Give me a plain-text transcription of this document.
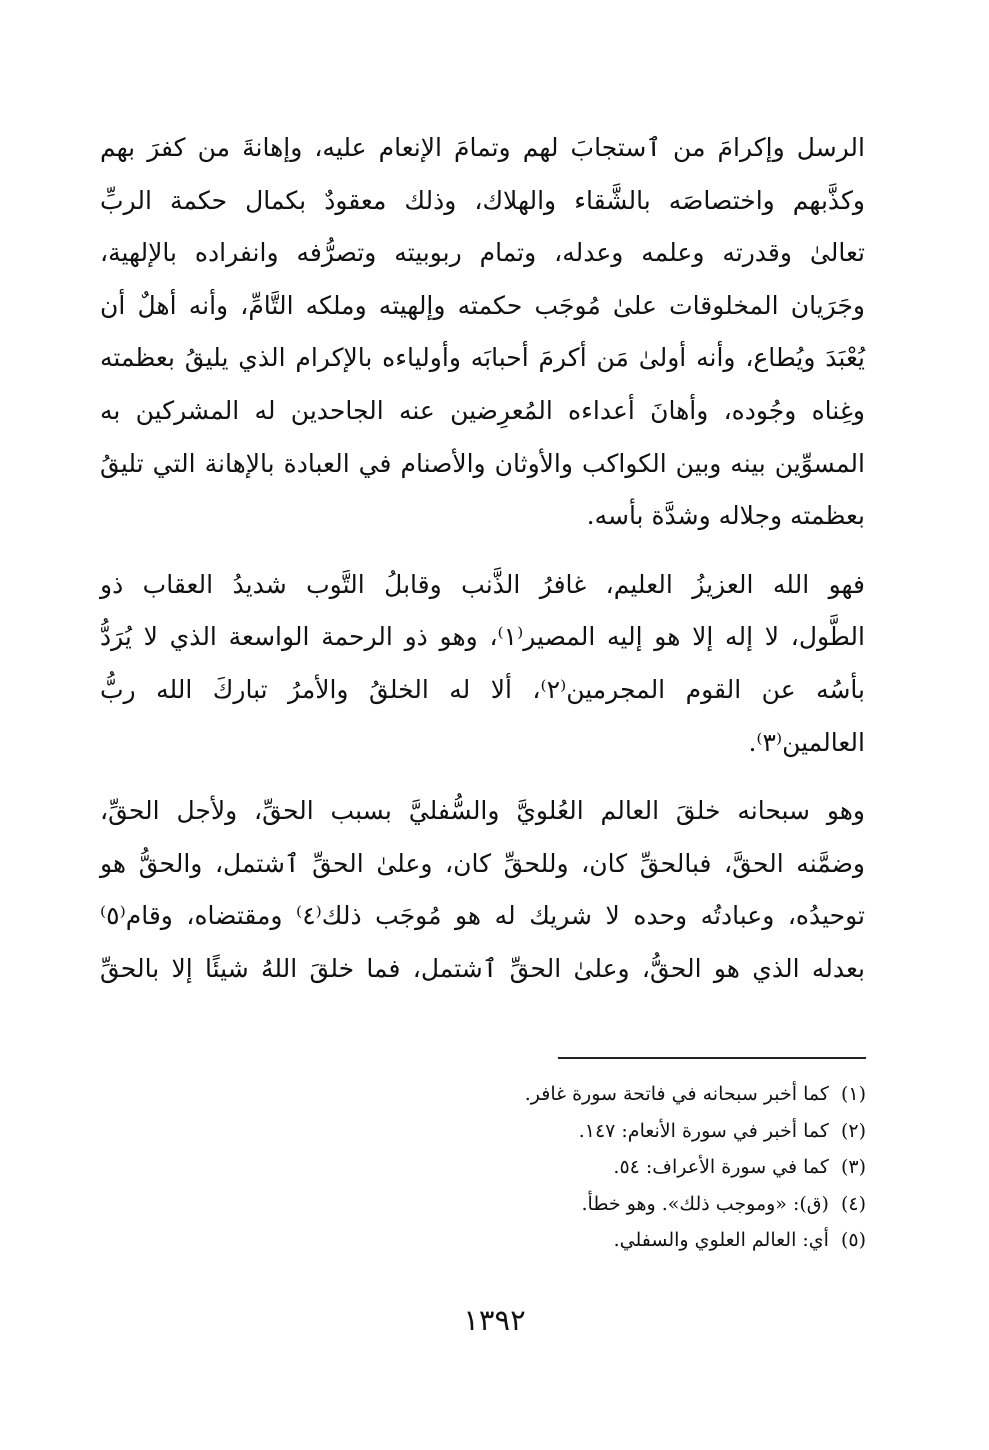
الرسل وإكرامَ من ٱستجابَ لهم وتمامَ الإنعام عليه، وإهانةَ من كفرَ بهم
وكذَّبهم واختصاصَه بالشَّقاء والهلاك، وذلك معقودٌ بكمال حكمة الربِّ
تعالىٰ وقدرته وعلمه وعدله، وتمام ربوبيته وتصرُّفه وانفراده بالإلهية،
وجَرَيان المخلوقات علىٰ مُوجَب حكمته وإلهيته وملكه التَّامِّ، وأنه أهلٌ أن
يُعْبَدَ ويُطاع، وأنه أولىٰ مَن أكرمَ أحبابَه وأولياءه بالإكرام الذي يليقُ بعظمته
وغِناه وجُوده، وأهانَ أعداءه المُعرِضين عنه الجاحدين له المشركين به
المسوِّين بينه وبين الكواكب والأوثان والأصنام في العبادة بالإهانة التي تليقُ
بعظمته وجلاله وشدَّة بأسه.

فهو الله العزيزُ العليم، غافرُ الذَّنب وقابلُ التَّوب شديدُ العقاب ذو
الطَّول، لا إله إلا هو إليه المصير⁽١⁾، وهو ذو الرحمة الواسعة الذي لا يُرَدُّ
بأسُه عن القوم المجرمين⁽٢⁾، ألا له الخلقُ والأمرُ تباركَ الله ربُّ
العالمين⁽٣⁾.

وهو سبحانه خلقَ العالم العُلويَّ والسُّفليَّ بسبب الحقِّ، ولأجل الحقِّ،
وضمَّنه الحقَّ، فبالحقِّ كان، وللحقِّ كان، وعلىٰ الحقِّ ٱشتمل، والحقُّ هو
توحيدُه، وعبادتُه وحده لا شريك له هو مُوجَب ذلك⁽٤⁾ ومقتضاه، وقام⁽٥⁾
بعدله الذي هو الحقُّ، وعلىٰ الحقِّ ٱشتمل، فما خلقَ اللهُ شيئًا إلا بالحقِّ

(١)كما أخبر سبحانه في فاتحة سورة غافر.
(٢)كما أخبر في سورة الأنعام: ١٤٧.
(٣)كما في سورة الأعراف: ٥٤.
(٤)(ق): «وموجب ذلك». وهو خطأ.
(٥)أي: العالم العلوي والسفلي.
١٣٩٢
